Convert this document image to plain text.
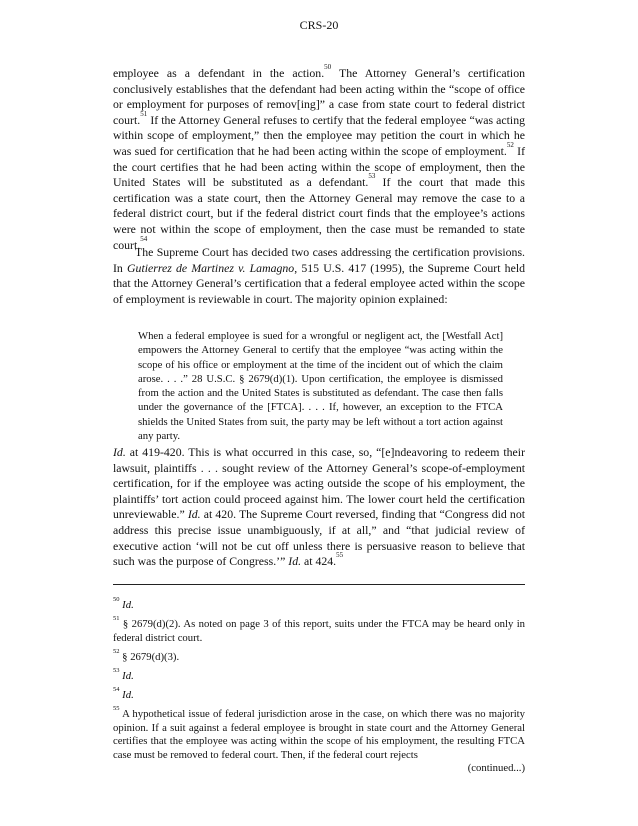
CRS-20

employee as a defendant in the action.$^{50}$ The Attorney General’s certification conclusively establishes that the defendant had been acting within the “scope of office or employment for purposes of remov[ing]” a case from state court to federal district court.$^{51}$ If the Attorney General refuses to certify that the federal employee “was acting within scope of employment,” then the employee may petition the court in which he was sued for certification that he had been acting within the scope of employment.$^{52}$ If the court certifies that he had been acting within the scope of employment, then the United States will be substituted as a defendant.$^{53}$ If the court that made this certification was a state court, then the Attorney General may remove the case to a federal district court, but if the federal district court finds that the employee’s actions were not within the scope of employment, then the case must be remanded to state court.$^{54}$

The Supreme Court has decided two cases addressing the certification provisions. In Gutierrez de Martinez v. Lamagno, 515 U.S. 417 (1995), the Supreme Court held that the Attorney General’s certification that a federal employee acted within the scope of employment is reviewable in court. The majority opinion explained:

When a federal employee is sued for a wrongful or negligent act, the [Westfall Act] empowers the Attorney General to certify that the employee “was acting within the scope of his office or employment at the time of the incident out of which the claim arose. . . .” 28 U.S.C. § 2679(d)(1). Upon certification, the employee is dismissed from the action and the United States is substituted as defendant. The case then falls under the governance of the [FTCA]. . . . If, however, an exception to the FTCA shields the United States from suit, the party may be left without a tort action against any party.

Id. at 419-420. This is what occurred in this case, so, “[e]ndeavoring to redeem their lawsuit, plaintiffs . . . sought review of the Attorney General’s scope-of-employment certification, for if the employee was acting outside the scope of his employment, the plaintiffs’ tort action could proceed against him. The lower court held the certification unreviewable.” Id. at 420. The Supreme Court reversed, finding that “Congress did not address this precise issue unambiguously, if at all,” and “that judicial review of executive action ‘will not be cut off unless there is persuasive reason to believe that such was the purpose of Congress.’” Id. at 424.55

$^{50}$ Id.
$^{51}$ § 2679(d)(2). As noted on page 3 of this report, suits under the FTCA may be heard only in federal district court.
$^{52}$ § 2679(d)(3).
$^{53}$ Id.
$^{54}$ Id.
$^{55}$ A hypothetical issue of federal jurisdiction arose in the case, on which there was no majority opinion. If a suit against a federal employee is brought in state court and the Attorney General certifies that the employee was acting within the scope of his employment, the resulting FTCA case must be removed to federal court. Then, if the federal court rejects
(continued...)
